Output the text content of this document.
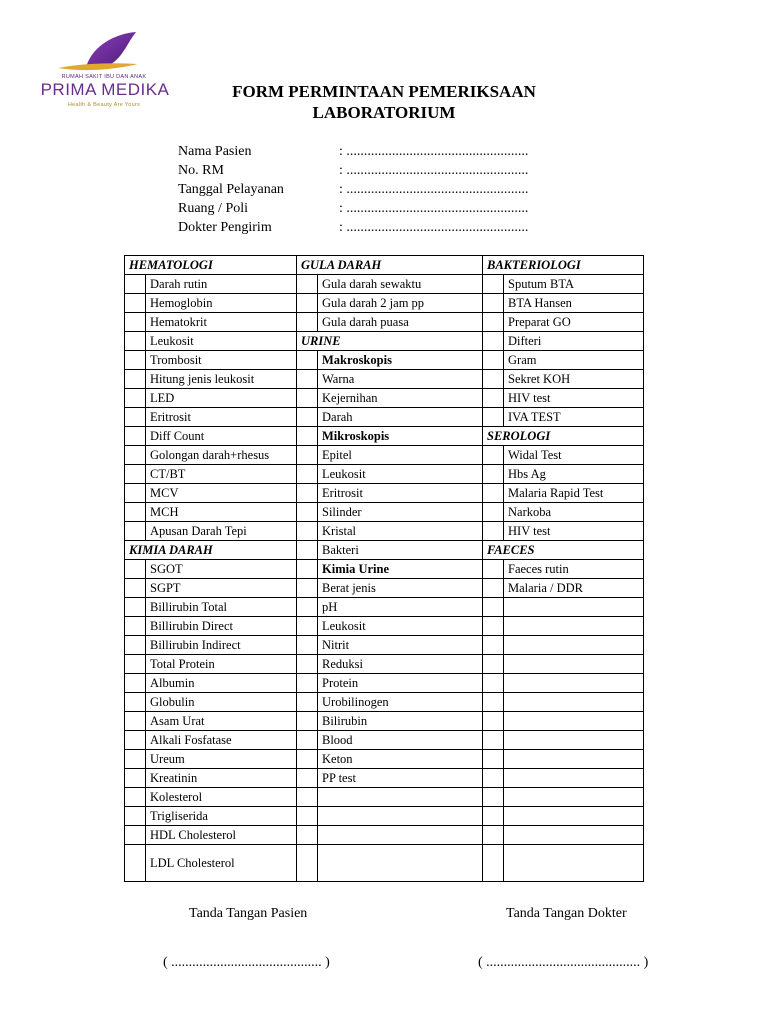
RUMAH SAKIT IBU DAN ANAK
PRIMA MEDIKA
Health & Beauty Are Yours
FORM PERMINTAAN PEMERIKSAAN
LABORATORIUM
Nama Pasien	: ....................................................
No. RM	: ....................................................
Tanggal Pelayanan	: ....................................................
Ruang / Poli	: ....................................................
Dokter Pengirim	: ....................................................
HEMATOLOGI		GULA DARAH		BAKTERIOLOGI	
	Darah rutin		Gula darah sewaktu		Sputum BTA
	Hemoglobin		Gula darah 2 jam pp		BTA Hansen
	Hematokrit		Gula darah puasa		Preparat GO
	Leukosit	URINE			Difteri
	Trombosit		Makroskopis		Gram
	Hitung jenis leukosit		Warna		Sekret KOH
	LED		Kejernihan		HIV test
	Eritrosit		Darah		IVA TEST
	Diff Count		Mikroskopis	SEROLOGI	
	Golongan darah+rhesus		Epitel		Widal Test
	CT/BT		Leukosit		Hbs Ag
	MCV		Eritrosit		Malaria Rapid Test
	MCH		Silinder		Narkoba
	Apusan Darah Tepi		Kristal		HIV test
KIMIA DARAH			Bakteri	FAECES	
	SGOT		Kimia Urine		Faeces rutin
	SGPT		Berat jenis		Malaria / DDR
	Billirubin Total		pH		
	Billirubin Direct		Leukosit		
	Billirubin Indirect		Nitrit		
	Total Protein		Reduksi		
	Albumin		Protein		
	Globulin		Urobilinogen		
	Asam Urat		Bilirubin		
	Alkali Fosfatase		Blood		
	Ureum		Keton		
	Kreatinin		PP test		
	Kolesterol				
	Trigliserida				
	HDL Cholesterol				
	LDL Cholesterol				
Tanda Tangan Pasien	Tanda Tangan Dokter
( ........................................... )	( ............................................ )
